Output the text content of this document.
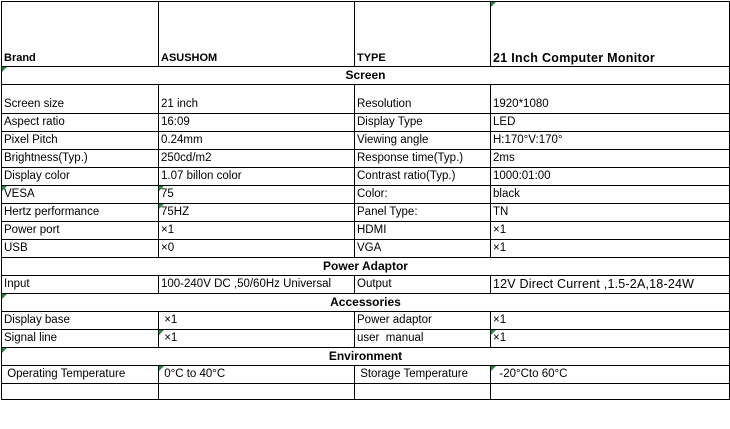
Brand	ASUSHOM	TYPE	21 Inch Computer Monitor

Screen			
Screen size	21 inch	Resolution	1920*1080
Aspect ratio	16:09	Display Type	LED
Pixel Pitch	0.24mm	Viewing angle	H:170°V:170°
Brightness(Typ.)	250cd/m2	Response time(Typ.)	2ms
Display color	1.07 billon color	Contrast ratio(Typ.)	1000:01:00

VESA	75	Color:	black
Hertz performance	75HZ	Panel Type:	TN
Power port	×1	HDMI	×1
USB	×0	VGA	×1
Power Adaptor			
Input	100-240V DC ,50/60Hz Universal	Output	12V Direct Current ,1.5-2A,18-24W

Accessories			
Display base	×1	Power adaptor	×1
Signal line	×1	user  manual	×1

Environment			
Operating Temperature	0°C to 40°C	Storage Temperature	-20°Cto 60°C
